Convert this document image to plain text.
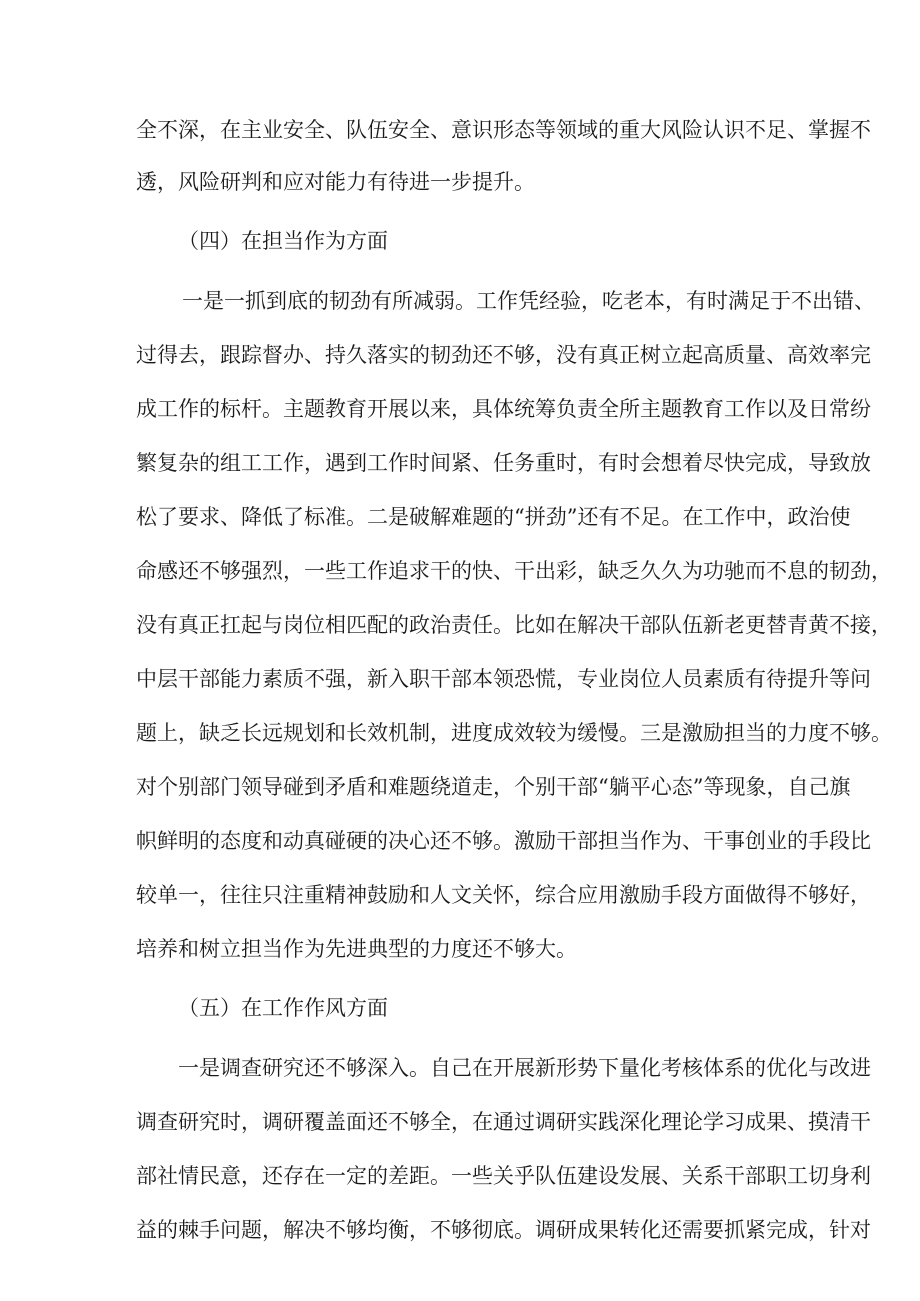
全不深，在主业安全、队伍安全、意识形态等领域的重大风险认识不足、掌握不
透，风险研判和应对能力有待进一步提升。
（四）在担当作为方面
一是一抓到底的韧劲有所减弱。工作凭经验，吃老本，有时满足于不出错、
过得去，跟踪督办、持久落实的韧劲还不够，没有真正树立起高质量、高效率完
成工作的标杆。主题教育开展以来，具体统筹负责全所主题教育工作以及日常纷
繁复杂的组工工作，遇到工作时间紧、任务重时，有时会想着尽快完成，导致放
松了要求、降低了标准。二是破解难题的“拼劲”还有不足。在工作中，政治使
命感还不够强烈，一些工作追求干的快、干出彩，缺乏久久为功驰而不息的韧劲，
没有真正扛起与岗位相匹配的政治责任。比如在解决干部队伍新老更替青黄不接，
中层干部能力素质不强，新入职干部本领恐慌，专业岗位人员素质有待提升等问
题上，缺乏长远规划和长效机制，进度成效较为缓慢。三是激励担当的力度不够。
对个别部门领导碰到矛盾和难题绕道走，个别干部“躺平心态”等现象，自己旗
帜鲜明的态度和动真碰硬的决心还不够。激励干部担当作为、干事创业的手段比
较单一，往往只注重精神鼓励和人文关怀，综合应用激励手段方面做得不够好，
培养和树立担当作为先进典型的力度还不够大。
（五）在工作作风方面
一是调查研究还不够深入。自己在开展新形势下量化考核体系的优化与改进
调查研究时，调研覆盖面还不够全，在通过调研实践深化理论学习成果、摸清干
部社情民意，还存在一定的差距。一些关乎队伍建设发展、关系干部职工切身利
益的棘手问题，解决不够均衡，不够彻底。调研成果转化还需要抓紧完成，针对
